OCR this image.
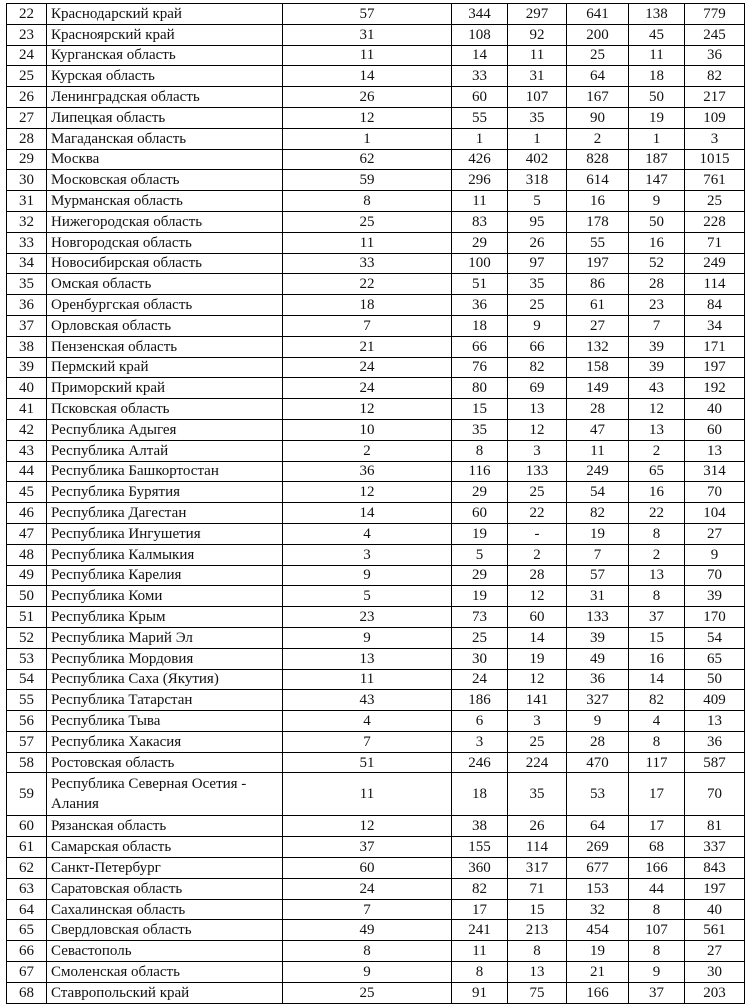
22	Краснодарский край	57	344	297	641	138	779
23	Красноярский край	31	108	92	200	45	245
24	Курганская область	11	14	11	25	11	36
25	Курская область	14	33	31	64	18	82
26	Ленинградская область	26	60	107	167	50	217
27	Липецкая область	12	55	35	90	19	109
28	Магаданская область	1	1	1	2	1	3
29	Москва	62	426	402	828	187	1015
30	Московская область	59	296	318	614	147	761
31	Мурманская область	8	11	5	16	9	25
32	Нижегородская область	25	83	95	178	50	228
33	Новгородская область	11	29	26	55	16	71
34	Новосибирская область	33	100	97	197	52	249
35	Омская область	22	51	35	86	28	114
36	Оренбургская область	18	36	25	61	23	84
37	Орловская область	7	18	9	27	7	34
38	Пензенская область	21	66	66	132	39	171
39	Пермский край	24	76	82	158	39	197
40	Приморский край	24	80	69	149	43	192
41	Псковская область	12	15	13	28	12	40
42	Республика Адыгея	10	35	12	47	13	60
43	Республика Алтай	2	8	3	11	2	13
44	Республика Башкортостан	36	116	133	249	65	314
45	Республика Бурятия	12	29	25	54	16	70
46	Республика Дагестан	14	60	22	82	22	104
47	Республика Ингушетия	4	19	-	19	8	27
48	Республика Калмыкия	3	5	2	7	2	9
49	Республика Карелия	9	29	28	57	13	70
50	Республика Коми	5	19	12	31	8	39
51	Республика Крым	23	73	60	133	37	170
52	Республика Марий Эл	9	25	14	39	15	54
53	Республика Мордовия	13	30	19	49	16	65
54	Республика Саха (Якутия)	11	24	12	36	14	50
55	Республика Татарстан	43	186	141	327	82	409
56	Республика Тыва	4	6	3	9	4	13
57	Республика Хакасия	7	3	25	28	8	36
58	Ростовская область	51	246	224	470	117	587
59	Республика Северная Осетия - Алания	11	18	35	53	17	70
60	Рязанская область	12	38	26	64	17	81
61	Самарская область	37	155	114	269	68	337
62	Санкт-Петербург	60	360	317	677	166	843
63	Саратовская область	24	82	71	153	44	197
64	Сахалинская область	7	17	15	32	8	40
65	Свердловская область	49	241	213	454	107	561
66	Севастополь	8	11	8	19	8	27
67	Смоленская область	9	8	13	21	9	30
68	Ставропольский край	25	91	75	166	37	203
